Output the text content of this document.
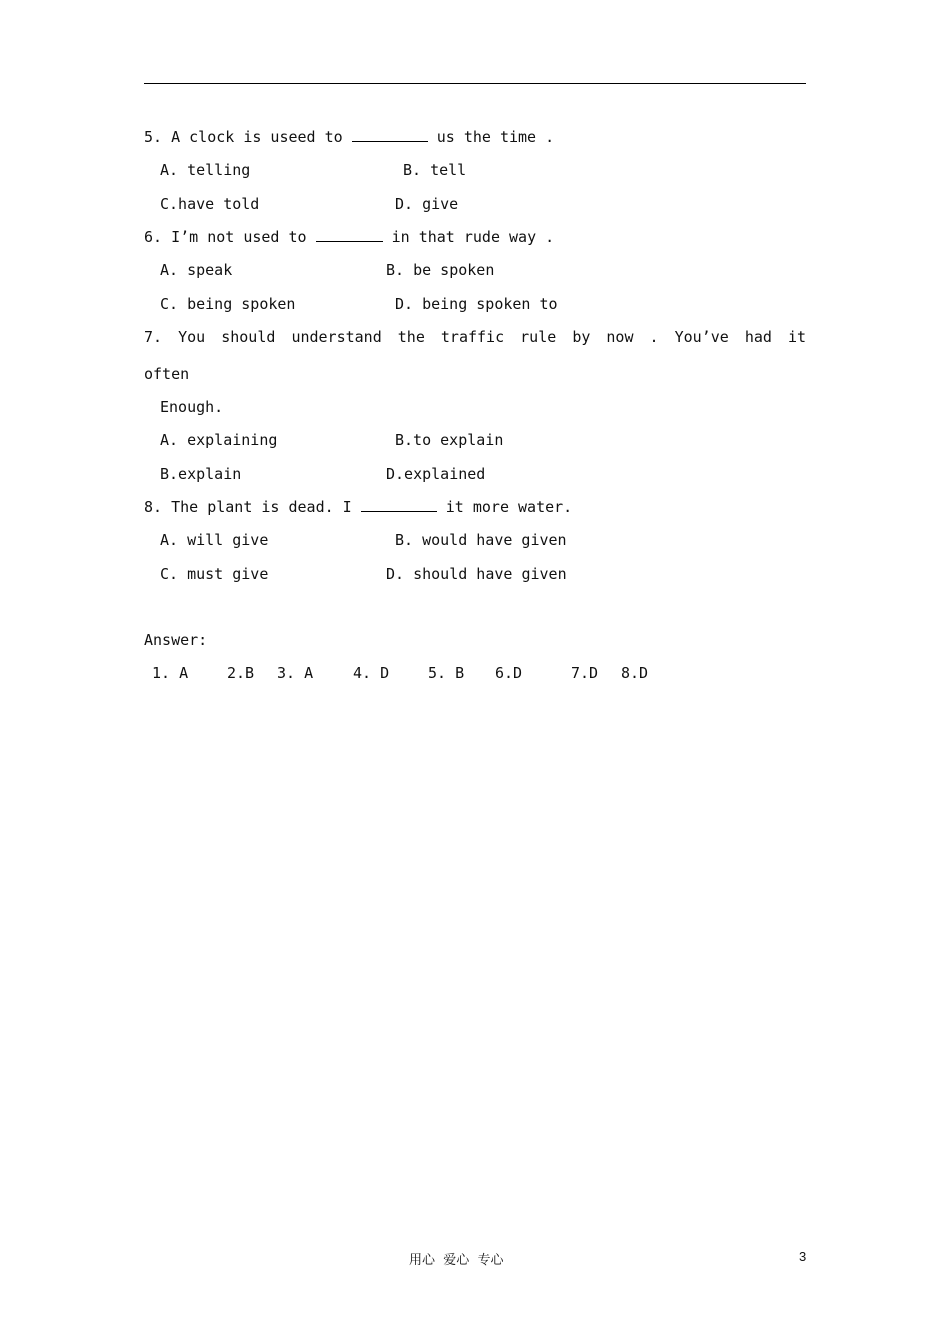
5. A clock is useed to	us the time .
A. telling	B. tell
C.have told	D. give
6. I’m not used to	in that rude way .
A. speak	B. be spoken
C. being spoken	D. being spoken to
7. You should understand the traffic rule by now . You’ve had it
often
Enough.
A. explaining	B.to explain
B.explain	D.explained
8. The plant is dead. I	it more water.
A. will give	B. would have given
C. must give	D. should have given
Answer:
1. A	2.B 3. A	4. D	5. B 6.D	7.D 8.D
用心  爱心  专心	3
